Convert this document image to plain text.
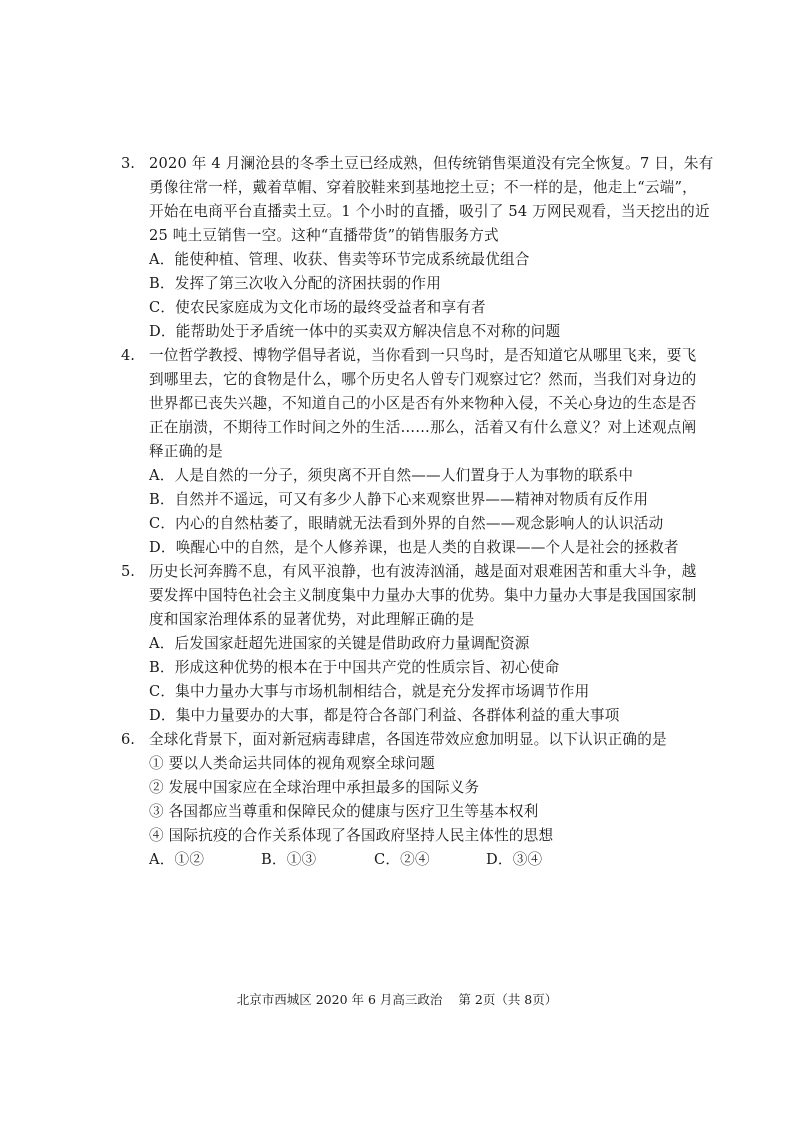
3. 2020 年 4 月澜沧县的冬季土豆已经成熟，但传统销售渠道没有完全恢复。7 日，朱有
勇像往常一样，戴着草帽、穿着胶鞋来到基地挖土豆；不一样的是，他走上“云端”，
开始在电商平台直播卖土豆。1 个小时的直播，吸引了 54 万网民观看，当天挖出的近
25 吨土豆销售一空。这种“直播带货”的销售服务方式
A．能使种植、管理、收获、售卖等环节完成系统最优组合
B．发挥了第三次收入分配的济困扶弱的作用
C．使农民家庭成为文化市场的最终受益者和享有者
D．能帮助处于矛盾统一体中的买卖双方解决信息不对称的问题
4. 一位哲学教授、博物学倡导者说，当你看到一只鸟时，是否知道它从哪里飞来，要飞
到哪里去，它的食物是什么，哪个历史名人曾专门观察过它？然而，当我们对身边的
世界都已丧失兴趣，不知道自己的小区是否有外来物种入侵，不关心身边的生态是否
正在崩溃，不期待工作时间之外的生活……那么，活着又有什么意义？对上述观点阐
释正确的是
A．人是自然的一分子，须臾离不开自然——人们置身于人为事物的联系中
B．自然并不遥远，可又有多少人静下心来观察世界——精神对物质有反作用
C．内心的自然枯萎了，眼睛就无法看到外界的自然——观念影响人的认识活动
D．唤醒心中的自然，是个人修养课，也是人类的自救课——个人是社会的拯救者
5. 历史长河奔腾不息，有风平浪静，也有波涛汹涌，越是面对艰难困苦和重大斗争，越
要发挥中国特色社会主义制度集中力量办大事的优势。集中力量办大事是我国国家制
度和国家治理体系的显著优势，对此理解正确的是
A．后发国家赶超先进国家的关键是借助政府力量调配资源
B．形成这种优势的根本在于中国共产党的性质宗旨、初心使命
C．集中力量办大事与市场机制相结合，就是充分发挥市场调节作用
D．集中力量要办的大事，都是符合各部门利益、各群体利益的重大事项
6. 全球化背景下，面对新冠病毒肆虐，各国连带效应愈加明显。以下认识正确的是
① 要以人类命运共同体的视角观察全球问题
② 发展中国家应在全球治理中承担最多的国际义务
③ 各国都应当尊重和保障民众的健康与医疗卫生等基本权利
④ 国际抗疫的合作关系体现了各国政府坚持人民主体性的思想
A．①②	B．①③	C．②④	D．③④
北京市西城区 2020 年 6 月高三政治 第 2页（共 8页）
